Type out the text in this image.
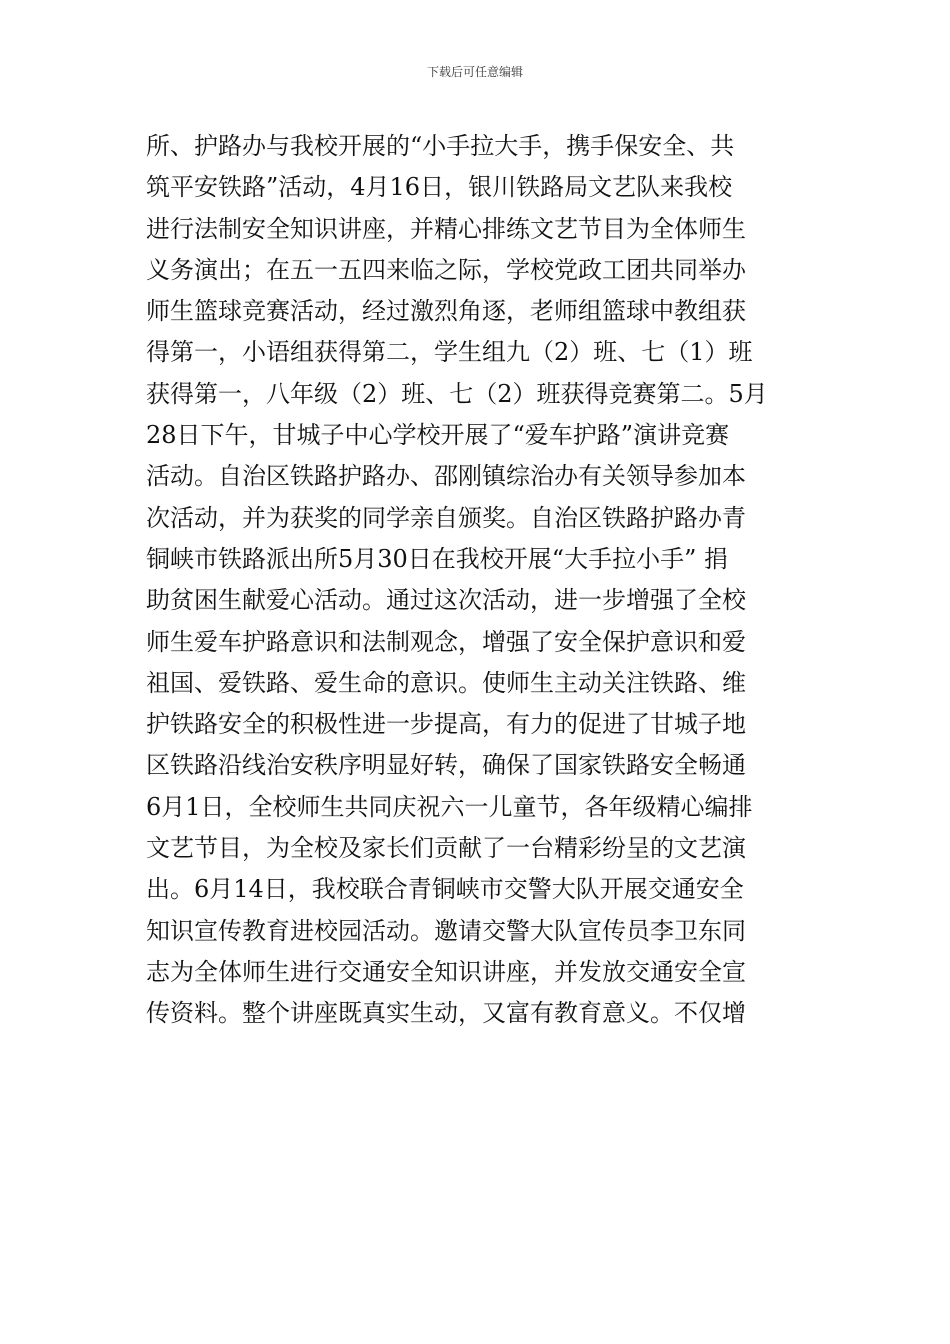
下载后可任意编辑
所、护路办与我校开展的“小手拉大手，携手保安全、共
筑平安铁路”活动，4月16日，银川铁路局文艺队来我校
进行法制安全知识讲座，并精心排练文艺节目为全体师生
义务演出；在五一五四来临之际，学校党政工团共同举办
师生篮球竞赛活动，经过激烈角逐，老师组篮球中教组获
得第一，小语组获得第二，学生组九（2）班、七（1）班
获得第一，八年级（2）班、七（2）班获得竞赛第二。5月
28日下午，甘城子中心学校开展了“爱车护路”演讲竞赛
活动。自治区铁路护路办、邵刚镇综治办有关领导参加本
次活动，并为获奖的同学亲自颁奖。自治区铁路护路办青
铜峡市铁路派出所5月30日在我校开展“大手拉小手” 捐
助贫困生献爱心活动。通过这次活动，进一步增强了全校
师生爱车护路意识和法制观念，增强了安全保护意识和爱
祖国、爱铁路、爱生命的意识。使师生主动关注铁路、维
护铁路安全的积极性进一步提高，有力的促进了甘城子地
区铁路沿线治安秩序明显好转，确保了国家铁路安全畅通
6月1日，全校师生共同庆祝六一儿童节，各年级精心编排
文艺节目，为全校及家长们贡献了一台精彩纷呈的文艺演
出。6月14日，我校联合青铜峡市交警大队开展交通安全
知识宣传教育进校园活动。邀请交警大队宣传员李卫东同
志为全体师生进行交通安全知识讲座，并发放交通安全宣
传资料。整个讲座既真实生动，又富有教育意义。不仅增
